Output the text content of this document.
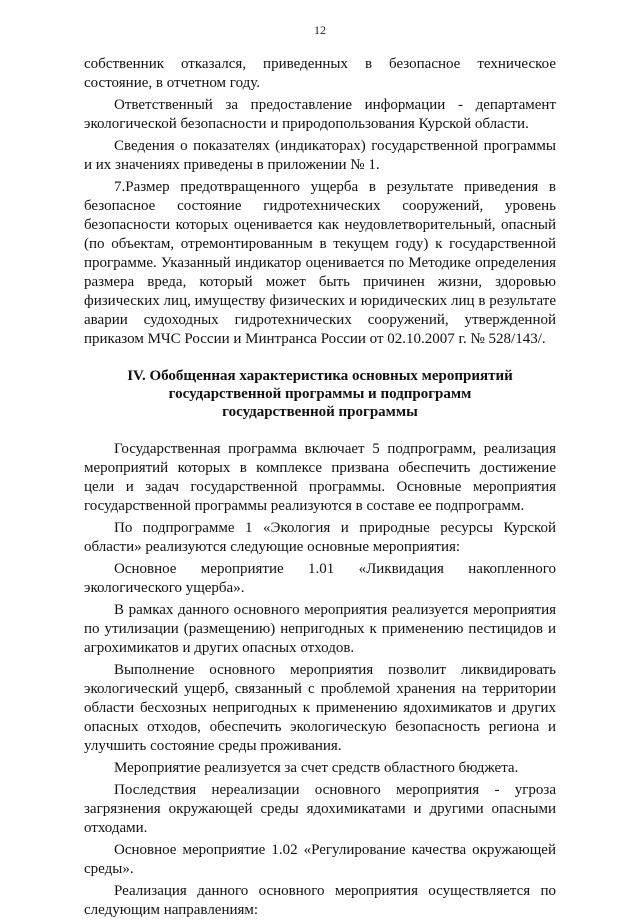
12

собственник отказался, приведенных в безопасное техническое состояние, в отчетном году.

Ответственный за предоставление информации - департамент экологической безопасности и природопользования Курской области.

Сведения о показателях (индикаторах) государственной программы и их значениях приведены в приложении № 1.

7.Размер предотвращенного ущерба в результате приведения в безопасное состояние гидротехнических сооружений, уровень безопасности которых оценивается как неудовлетворительный, опасный (по объектам, отремонтированным в текущем году) к государственной программе. Указанный индикатор оценивается по Методике определения размера вреда, который может быть причинен жизни, здоровью физических лиц, имуществу физических и юридических лиц в результате аварии судоходных гидротехнических сооружений, утвержденной приказом МЧС России и Минтранса России от 02.10.2007 г. № 528/143/.

IV. Обобщенная характеристика основных мероприятий
государственной программы и подпрограмм
государственной программы

Государственная программа включает 5 подпрограмм, реализация мероприятий которых в комплексе призвана обеспечить достижение цели и задач государственной программы. Основные мероприятия государственной программы реализуются в составе ее подпрограмм.

По подпрограмме 1 «Экология и природные ресурсы Курской области» реализуются следующие основные мероприятия:

Основное мероприятие 1.01 «Ликвидация накопленного экологического ущерба».

В рамках данного основного мероприятия реализуется мероприятия по утилизации (размещению) непригодных к применению пестицидов и агрохимикатов и других опасных отходов.

Выполнение основного мероприятия позволит ликвидировать экологический ущерб, связанный с проблемой хранения на территории области бесхозных непригодных к применению ядохимикатов и других опасных отходов, обеспечить экологическую безопасность региона и улучшить состояние среды проживания.

Мероприятие реализуется за счет средств областного бюджета.

Последствия нереализации основного мероприятия - угроза загрязнения окружающей среды ядохимикатами и другими опасными отходами.

Основное мероприятие 1.02 «Регулирование качества окружающей среды».

Реализация данного основного мероприятия осуществляется по следующим направлениям:
